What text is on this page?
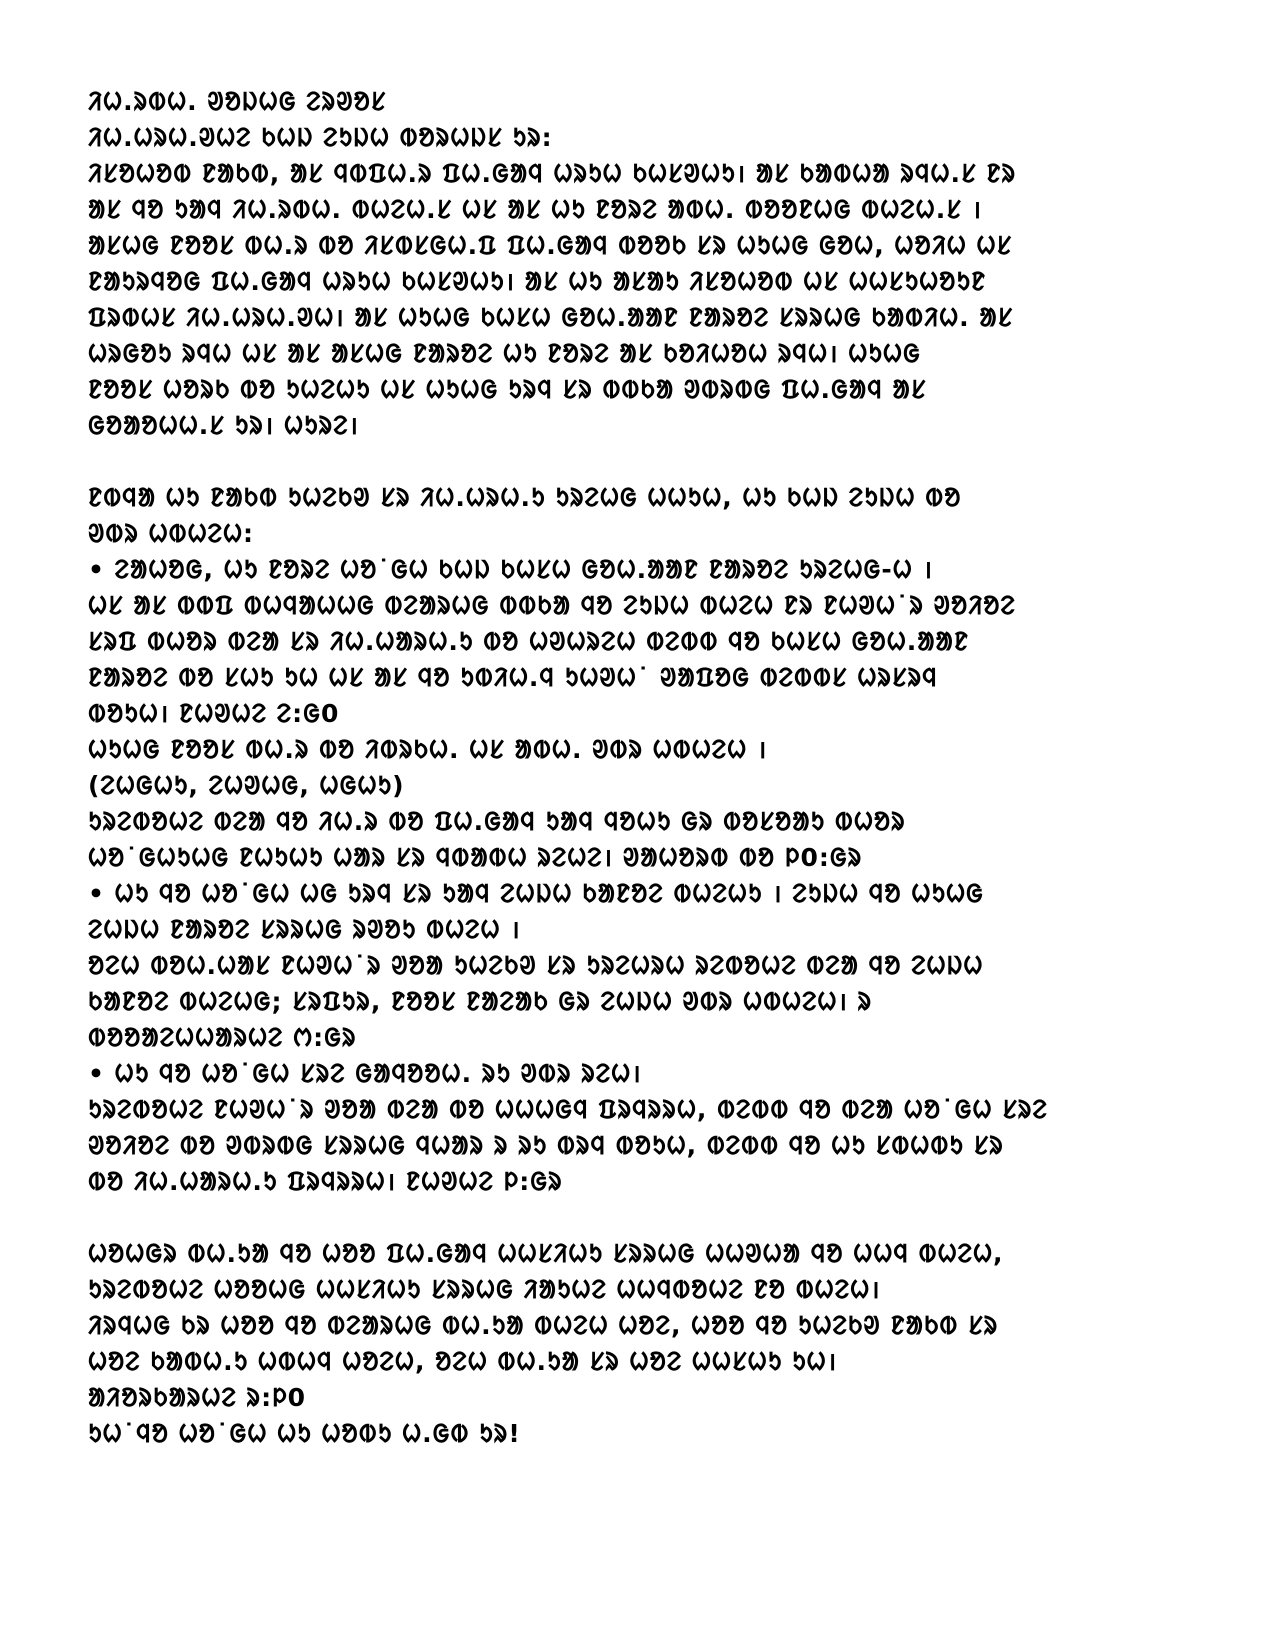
ᱤᱦ.ᱨᱵᱦ. ᱣᱚᱡᱦᱜ ᱮᱨᱣᱚᱥ
ᱤᱦ.ᱦᱨᱦ.ᱣᱦᱮ ᱠᱦᱡ ᱮᱩᱡᱦ ᱵᱚᱨᱦᱡᱥ ᱩᱨ:
ᱤᱥᱚᱦᱚᱵ ᱱᱟᱠᱵ, ᱟᱥ ᱧᱵᱯᱦ.ᱨ ᱯᱦ.ᱜᱟᱧ ᱦᱨᱩᱦ ᱠᱦᱥᱣᱦᱩ। ᱟᱥ ᱠᱟᱵᱦᱟ ᱨᱧᱦ.ᱥ ᱱᱨ
ᱟᱥ ᱧᱚ ᱩᱟᱧ ᱤᱦ.ᱨᱵᱦ. ᱵᱦᱮᱦ.ᱥ ᱦᱥ ᱟᱥ ᱦᱩ ᱱᱚᱨᱮ ᱟᱵᱦ. ᱵᱚᱚᱱᱦᱜ ᱵᱦᱮᱦ.ᱥ ।
ᱟᱥᱦᱜ ᱱᱚᱚᱥ ᱵᱦ.ᱨ ᱵᱚ ᱤᱥᱵᱥᱜᱦ.ᱯ ᱯᱦ.ᱜᱟᱧ ᱵᱚᱚᱠ ᱥᱨ ᱦᱩᱦᱜ ᱜᱚᱦ, ᱦᱚᱤᱦ ᱦᱥ
ᱱᱟᱩᱨᱧᱚᱜ ᱯᱦ.ᱜᱟᱧ ᱦᱨᱩᱦ ᱠᱦᱥᱣᱦᱩ। ᱟᱥ ᱦᱩ ᱟᱥᱟᱩ ᱤᱥᱚᱦᱚᱵ ᱦᱥ ᱦᱦᱥᱩᱦᱚᱩᱱ
ᱯᱨᱵᱦᱥ ᱤᱦ.ᱦᱨᱦ.ᱣᱦ। ᱟᱥ ᱦᱩᱦᱜ ᱠᱦᱥᱦ ᱜᱚᱦ.ᱟᱟᱱ ᱱᱟᱨᱚᱮ ᱥᱨᱨᱦᱜ ᱠᱟᱵᱤᱦ. ᱟᱥ
ᱦᱨᱜᱚᱩ ᱨᱧᱦ ᱦᱥ ᱟᱥ ᱟᱥᱦᱜ ᱱᱟᱨᱚᱮ ᱦᱩ ᱱᱚᱨᱮ ᱟᱥ ᱠᱚᱤᱦᱚᱦ ᱨᱧᱦ। ᱦᱩᱦᱜ
ᱱᱚᱚᱥ ᱦᱚᱨᱠ ᱵᱚ ᱩᱦᱮᱦᱩ ᱦᱥ ᱦᱩᱦᱜ ᱩᱨᱧ ᱥᱨ ᱵᱵᱠᱟ ᱣᱵᱨᱵᱜ ᱯᱦ.ᱜᱟᱧ ᱟᱥ
ᱜᱚᱟᱚᱦᱦ.ᱥ ᱩᱨ। ᱦᱩᱨᱮ।
ᱱᱵᱧᱟ ᱦᱩ ᱱᱟᱠᱵ ᱩᱦᱮᱠᱣ ᱥᱨ ᱤᱦ.ᱦᱨᱦ.ᱩ ᱩᱨᱮᱦᱜ ᱦᱦᱩᱦ, ᱦᱩ ᱠᱦᱡ ᱮᱩᱡᱦ ᱵᱚ
ᱣᱵᱨ ᱦᱵᱦᱮᱦ:
• ᱮᱟᱦᱚᱜ, ᱦᱩ ᱱᱚᱨᱮ ᱦᱚ˙ᱜᱦ ᱠᱦᱡ ᱠᱦᱥᱦ ᱜᱚᱦ.ᱟᱟᱱ ᱱᱟᱨᱚᱮ ᱩᱨᱮᱦᱜ-ᱦ ।
ᱦᱥ ᱟᱥ ᱵᱵᱯ ᱵᱦᱧᱟᱦᱦᱜ ᱵᱮᱟᱨᱦᱜ ᱵᱵᱠᱟ ᱧᱚ ᱮᱩᱡᱦ ᱵᱦᱮᱦ ᱱᱨ ᱱᱦᱣᱦ˙ᱨ ᱣᱚᱤᱚᱮ
ᱥᱨᱯ ᱵᱦᱚᱨ ᱵᱮᱟ ᱥᱨ ᱤᱦ.ᱦᱟᱨᱦ.ᱩ ᱵᱚ ᱦᱣᱦᱨᱮᱦ ᱵᱮᱵᱵ ᱧᱚ ᱠᱦᱥᱦ ᱜᱚᱦ.ᱟᱟᱱ
ᱱᱟᱨᱚᱮ ᱵᱚ ᱥᱦᱩ ᱩᱦ ᱦᱥ ᱟᱥ ᱧᱚ ᱩᱵᱤᱦ.ᱧ ᱩᱦᱣᱦ˙ ᱣᱟᱯᱚᱜ ᱵᱮᱵᱵᱥ ᱦᱨᱥᱨᱧ
ᱵᱚᱩᱦ। ᱱᱦᱣᱦᱮ ᱮ:ᱜ0
ᱦᱩᱦᱜ ᱱᱚᱚᱥ ᱵᱦ.ᱨ ᱵᱚ ᱤᱵᱨᱠᱦ. ᱦᱥ ᱟᱵᱦ. ᱣᱵᱨ ᱦᱵᱦᱮᱦ ।
(ᱮᱦᱜᱦᱩ, ᱮᱦᱣᱦᱜ, ᱦᱜᱦᱩ)
ᱩᱨᱮᱵᱚᱦᱮ ᱵᱮᱟ ᱧᱚ ᱤᱦ.ᱨ ᱵᱚ ᱯᱦ.ᱜᱟᱧ ᱩᱟᱧ ᱧᱚᱦᱩ ᱜᱨ ᱵᱚᱥᱚᱟᱩ ᱵᱦᱚᱨ
ᱦᱚ˙ᱜᱦᱩᱦᱜ ᱱᱦᱩᱦᱩ ᱦᱟᱨ ᱥᱨ ᱧᱵᱟᱵᱦ ᱨᱮᱦᱮ। ᱣᱟᱦᱚᱨᱵ ᱵᱚ ᱞ0:ᱜᱨ
• ᱦᱩ ᱧᱚ ᱦᱚ˙ᱜᱦ ᱦᱜ ᱩᱨᱧ ᱥᱨ ᱩᱟᱧ ᱮᱦᱡᱦ ᱠᱟᱱᱚᱮ ᱵᱦᱮᱦᱩ । ᱮᱩᱡᱦ ᱧᱚ ᱦᱩᱦᱜ
ᱮᱦᱡᱦ ᱱᱟᱨᱚᱮ ᱥᱨᱨᱦᱜ ᱨᱣᱚᱩ ᱵᱦᱮᱦ ।
ᱚᱮᱦ ᱵᱚᱦ.ᱦᱟᱥ ᱱᱦᱣᱦ˙ᱨ ᱣᱚᱟ ᱩᱦᱮᱠᱣ ᱥᱨ ᱩᱨᱮᱦᱨᱦ ᱨᱮᱵᱚᱦᱮ ᱵᱮᱟ ᱧᱚ ᱮᱦᱡᱦ
ᱠᱟᱱᱚᱮ ᱵᱦᱮᱦᱜ; ᱥᱨᱯᱩᱨ, ᱱᱚᱚᱥ ᱱᱟᱮᱟᱠ ᱜᱨ ᱮᱦᱡᱦ ᱣᱵᱨ ᱦᱵᱦᱮᱦ। ᱨ
ᱵᱚᱚᱟᱮᱦᱦᱟᱨᱦᱮ ᱬ:ᱜᱨ
• ᱦᱩ ᱧᱚ ᱦᱚ˙ᱜᱦ ᱥᱨᱮ ᱜᱟᱧᱚᱚᱦ. ᱨᱩ ᱣᱵᱨ ᱨᱮᱦ।
ᱩᱨᱮᱵᱚᱦᱮ ᱱᱦᱣᱦ˙ᱨ ᱣᱚᱟ ᱵᱮᱟ ᱵᱚ ᱦᱦᱦᱜᱧ ᱯᱨᱧᱨᱨᱦ, ᱵᱮᱵᱵ ᱧᱚ ᱵᱮᱟ ᱦᱚ˙ᱜᱦ ᱥᱨᱮ
ᱣᱚᱤᱚᱮ ᱵᱚ ᱣᱵᱨᱵᱜ ᱥᱨᱨᱦᱜ ᱧᱦᱟᱨ ᱨ ᱨᱩ ᱵᱨᱧ ᱵᱚᱩᱦ, ᱵᱮᱵᱵ ᱧᱚ ᱦᱩ ᱥᱵᱦᱵᱩ ᱥᱨ
ᱵᱚ ᱤᱦ.ᱦᱟᱨᱦ.ᱩ ᱯᱨᱧᱨᱨᱦ। ᱱᱦᱣᱦᱮ ᱞ:ᱜᱨ
ᱦᱚᱦᱜᱨ ᱵᱦ.ᱩᱟ ᱧᱚ ᱦᱚᱚ ᱯᱦ.ᱜᱟᱧ ᱦᱦᱥᱤᱦᱩ ᱥᱨᱨᱦᱜ ᱦᱦᱣᱦᱟ ᱧᱚ ᱦᱦᱧ ᱵᱦᱮᱦ,
ᱩᱨᱮᱵᱚᱦᱮ ᱦᱚᱚᱦᱜ ᱦᱦᱥᱤᱦᱩ ᱥᱨᱨᱦᱜ ᱤᱟᱩᱦᱮ ᱦᱦᱧᱵᱚᱦᱮ ᱱᱚ ᱵᱦᱮᱦ।
ᱤᱨᱧᱦᱜ ᱠᱨ ᱦᱚᱚ ᱧᱚ ᱵᱮᱟᱨᱦᱜ ᱵᱦ.ᱩᱟ ᱵᱦᱮᱦ ᱦᱚᱮ, ᱦᱚᱚ ᱧᱚ ᱩᱦᱮᱠᱣ ᱱᱟᱠᱵ ᱥᱨ
ᱦᱚᱮ ᱠᱟᱵᱦ.ᱩ ᱦᱵᱦᱧ ᱦᱚᱮᱦ, ᱚᱮᱦ ᱵᱦ.ᱩᱟ ᱥᱨ ᱦᱚᱮ ᱦᱦᱥᱦᱩ ᱩᱦ।
ᱟᱤᱚᱨᱠᱟᱨᱦᱮ ᱨ:ᱞ0
ᱩᱦ˙ᱧᱚ ᱦᱚ˙ᱜᱦ ᱦᱩ ᱦᱚᱵᱩ ᱦ.ᱜᱵ ᱩᱨ!
